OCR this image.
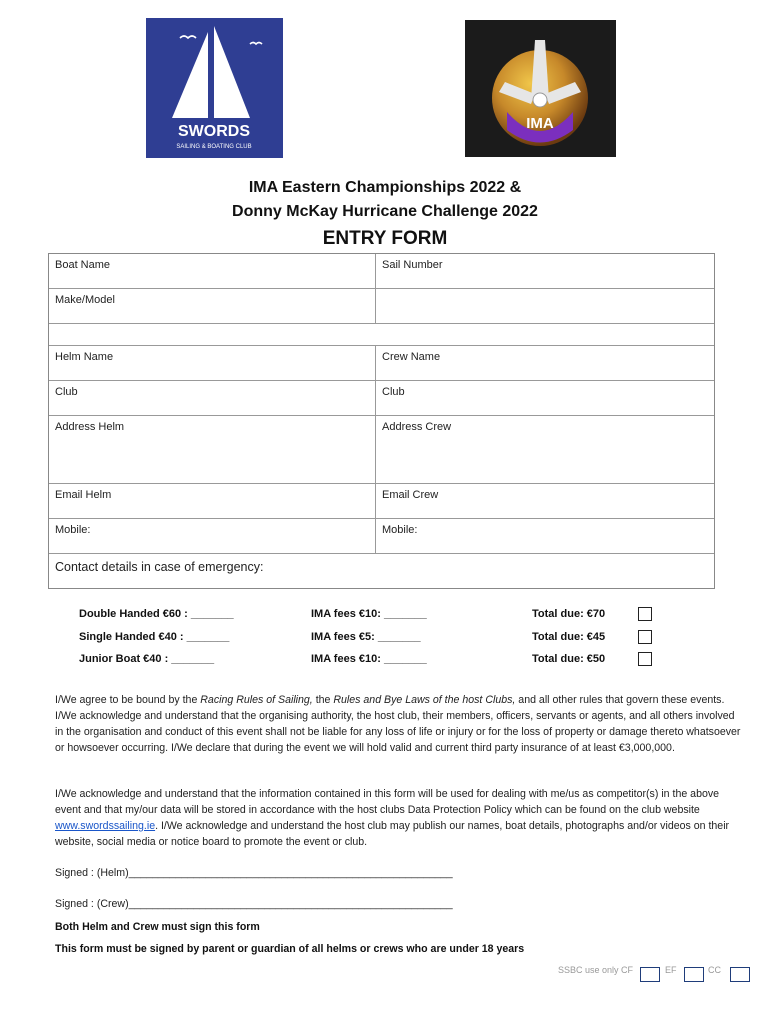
SWORDS
SAILING & BOATING CLUB
IMA
IMA Eastern Championships 2022 &
Donny McKay Hurricane Challenge 2022
ENTRY FORM
Boat Name	Sail Number
Make/Model
Helm Name	Crew Name
Club	Club
Address Helm	Address Crew
Email Helm	Email Crew
Mobile:	Mobile:
Contact details in case of emergency:
Double Handed €60 : _______	IMA fees €10: _______	Total due: €70
Single Handed €40 : _______	IMA fees €5: _______	Total due: €45
Junior Boat €40 : _______	IMA fees €10: _______	Total due: €50
I/We agree to be bound by the Racing Rules of Sailing, the Rules and Bye Laws of the host Clubs, and all other rules that govern these events. I/We acknowledge and understand that the organising authority, the host club, their members, officers, servants or agents, and all others involved in the organisation and conduct of this event shall not be liable for any loss of life or injury or for the loss of property or damage thereto whatsoever or howsoever occurring. I/We declare that during the event we will hold valid and current third party insurance of at least €3,000,000.
I/We acknowledge and understand that the information contained in this form will be used for dealing with me/us as competitor(s) in the above event and that my/our data will be stored in accordance with the host clubs Data Protection Policy which can be found on the club website www.swordssailing.ie. I/We acknowledge and understand the host club may publish our names, boat details, photographs and/or videos on their website, social media or notice board to promote the event or club.
Signed : (Helm)_______________________________________________________
Signed : (Crew)_______________________________________________________
Both Helm and Crew must sign this form
This form must be signed by parent or guardian of all helms or crews who are under 18 years
SSBC use only CF	EF	CC
